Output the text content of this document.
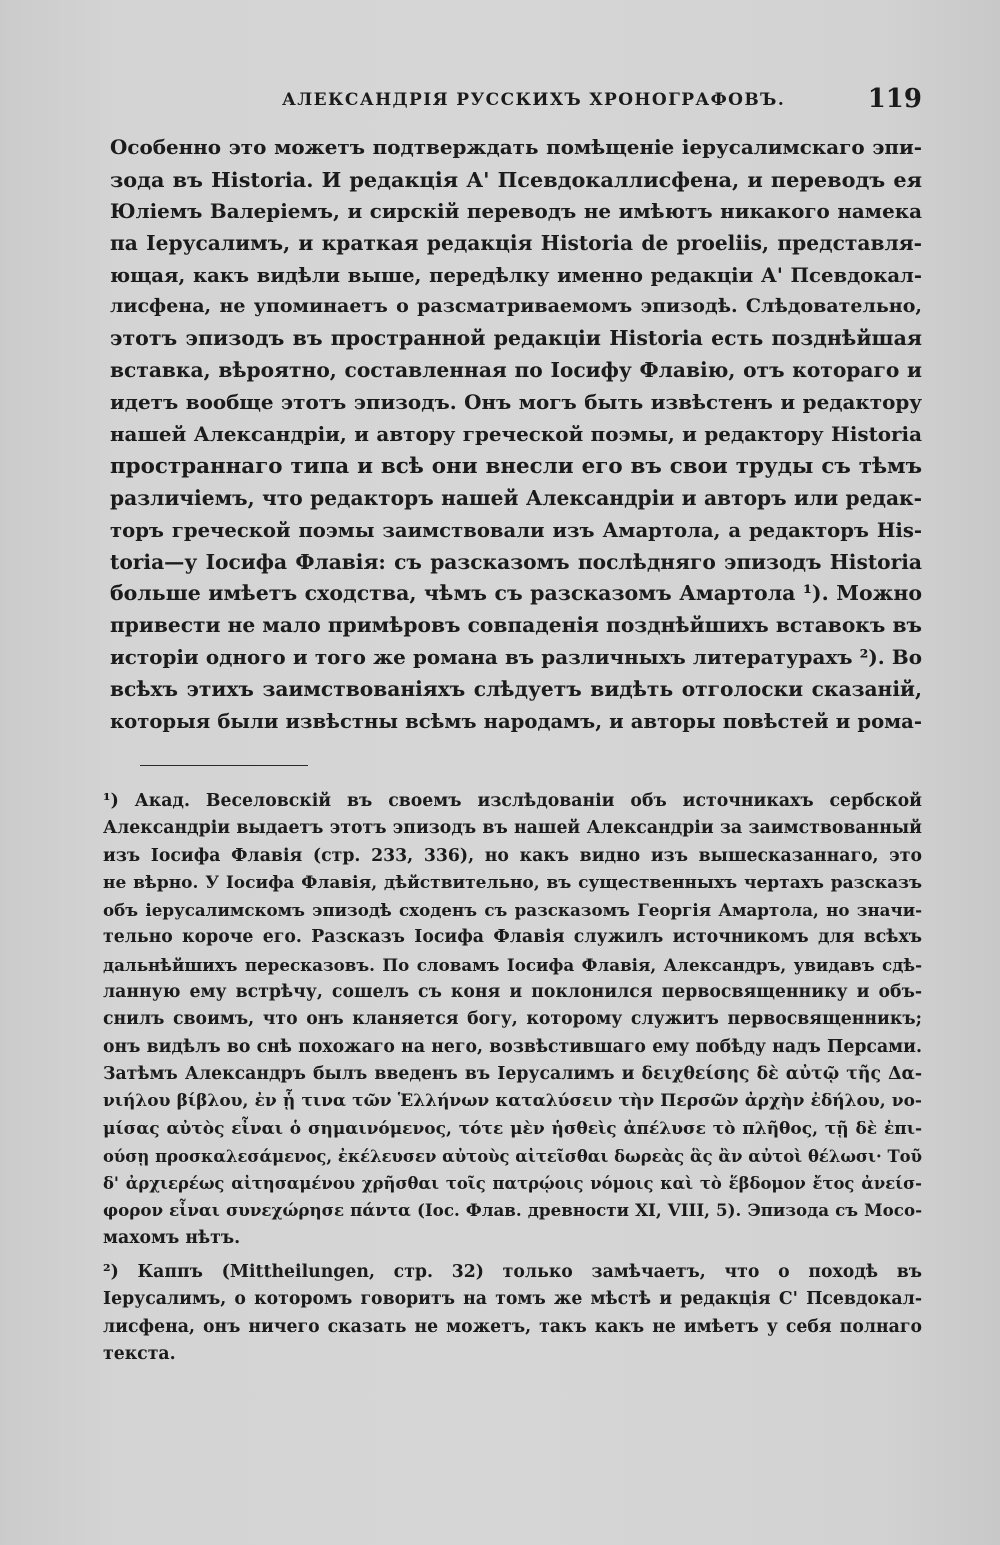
АЛЕКСАНДРІЯ РУССКИХЪ ХРОНОГРАФОВЪ.	119
Особенно это можетъ подтверждать помѣщеніе іерусалимскаго эпи-
зода въ Historia. И редакція А' Псевдокаллисфена, и переводъ ея
Юліемъ Валеріемъ, и сирскій переводъ не имѣютъ никакого намека
па Іерусалимъ, и краткая редакція Historia de proeliis, представля-
ющая, какъ видѣли выше, передѣлку именно редакціи А' Псевдокал-
лисфена, не упоминаетъ о разсматриваемомъ эпизодѣ. Слѣдовательно,
этотъ эпизодъ въ пространной редакціи Historia есть позднѣйшая
вставка, вѣроятно, составленная по Іосифу Флавію, отъ котораго и
идетъ вообще этотъ эпизодъ. Онъ могъ быть извѣстенъ и редактору
нашей Александріи, и автору греческой поэмы, и редактору Historia
пространнаго типа и всѣ они внесли его въ свои труды съ тѣмъ
различіемъ, что редакторъ нашей Александріи и авторъ или редак-
торъ греческой поэмы заимствовали изъ Амартола, а редакторъ His-
toria—у Іосифа Флавія: съ разсказомъ послѣдняго эпизодъ Historia
больше имѣетъ сходства, чѣмъ съ разсказомъ Амартола ¹). Можно
привести не мало примѣровъ совпаденія позднѣйшихъ вставокъ въ
исторіи одного и того же романа въ различныхъ литературахъ ²). Во
всѣхъ этихъ заимствованіяхъ слѣдуетъ видѣть отголоски сказаній,
которыя были извѣстны всѣмъ народамъ, и авторы повѣстей и рома-
¹) Акад. Веселовскій въ своемъ изслѣдованіи объ источникахъ сербской
Александріи выдаетъ этотъ эпизодъ въ нашей Александріи за заимствованный
изъ Іосифа Флавія (стр. 233, 336), но какъ видно изъ вышесказаннаго, это
не вѣрно. У Іосифа Флавія, дѣйствительно, въ существенныхъ чертахъ разсказъ
объ іерусалимскомъ эпизодѣ сходенъ съ разсказомъ Георгія Амартола, но значи-
тельно короче его. Разсказъ Іосифа Флавія служилъ источникомъ для всѣхъ
дальнѣйшихъ пересказовъ. По словамъ Іосифа Флавія, Александръ, увидавъ сдѣ-
ланную ему встрѣчу, сошелъ съ коня и поклонился первосвященнику и объ-
снилъ своимъ, что онъ кланяется богу, которому служитъ первосвященникъ;
онъ видѣлъ во снѣ похожаго на него, возвѣстившаго ему побѣду надъ Персами.
Затѣмъ Александръ былъ введенъ въ Іерусалимъ и δειχθείσης δὲ αὐτῷ τῆς Δα-
νιήλου βίβλου, ἐν ᾗ τινα τῶν Ἑλλήνων καταλύσειν τὴν Περσῶν ἀρχὴν ἐδήλου, νο-
μίσας αὐτὸς εἶναι ὁ σημαινόμενος, τότε μὲν ἡσθεὶς ἀπέλυσε τὸ πλῆθος, τῇ δὲ ἐπι-
ούσῃ προσκαλεσάμενος, ἐκέλευσεν αὐτοὺς αἰτεῖσθαι δωρεὰς ἃς ἂν αὐτοὶ θέλωσι· Τοῦ
δ' ἀρχιερέως αἰτησαμένου χρῆσθαι τοῖς πατρῴοις νόμοις καὶ τὸ ἕβδομον ἔτος ἀνείσ-
φορον εἶναι συνεχώρησε πάντα (Іос. Флав. древности XI, VIII, 5). Эпизода съ Мосо-
махомъ нѣтъ.
²) Каппъ (Mittheilungen, стр. 32) только замѣчаетъ, что о походѣ въ
Іерусалимъ, о которомъ говоритъ на томъ же мѣстѣ и редакція С' Псевдокал-
лисфена, онъ ничего сказать не можетъ, такъ какъ не имѣетъ у себя полнаго
текста.
